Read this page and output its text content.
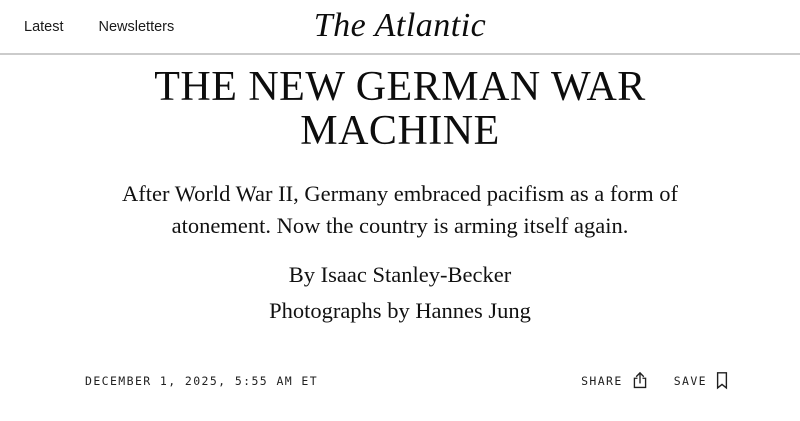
Latest Newsletters	The Atlantic
THE NEW GERMAN WAR
MACHINE

After World War II, Germany embraced pacifism as a form of
atonement. Now the country is arming itself again.

By Isaac Stanley-Becker
Photographs by Hannes Jung
DECEMBER 1, 2025, 5:55 AM ET	SHARE	SAVE
